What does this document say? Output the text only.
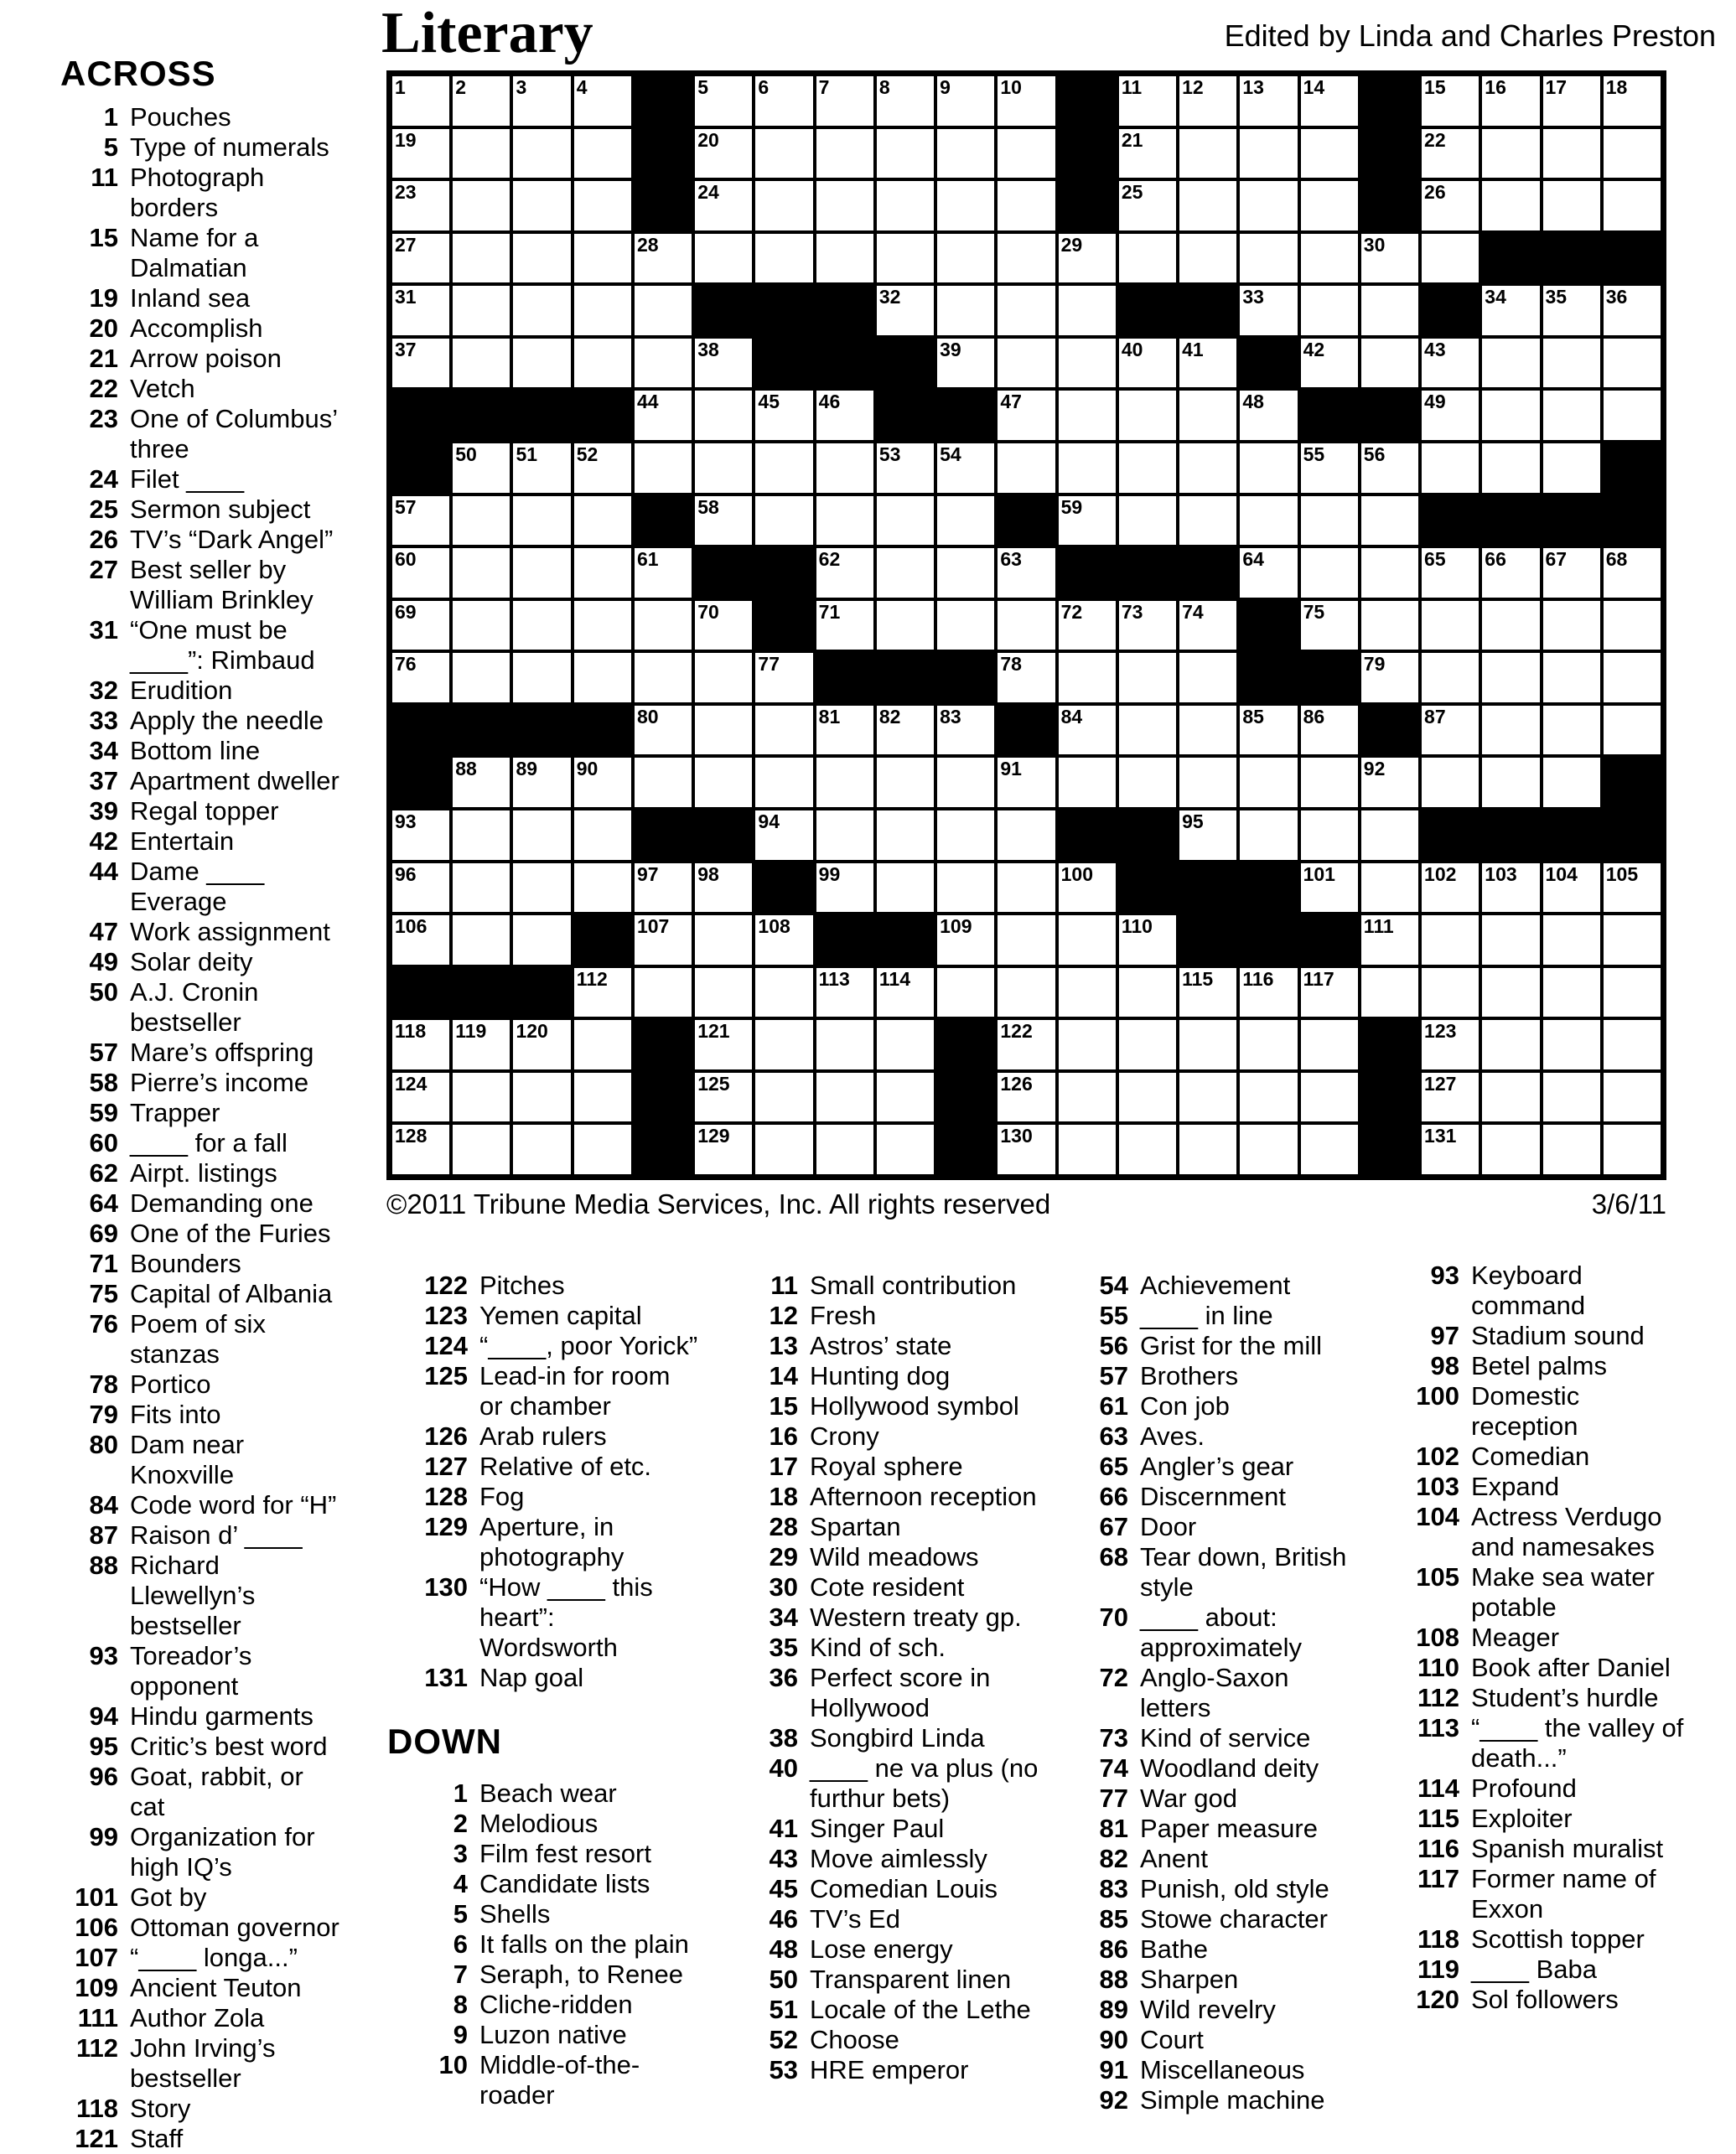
ACROSS
1 Pouches
5 Type of numerals
11 Photograph borders
15 Name for a Dalmatian
19 Inland sea
20 Accomplish
21 Arrow poison
22 Vetch
23 One of Columbus’ three
24 Filet ____
25 Sermon subject
26 TV’s “Dark Angel”
27 Best seller by William Brinkley
31 “One must be ____”: Rimbaud
32 Erudition
33 Apply the needle
34 Bottom line
37 Apartment dweller
39 Regal topper
42 Entertain
44 Dame ____ Everage
47 Work assignment
49 Solar deity
50 A.J. Cronin bestseller
57 Mare’s offspring
58 Pierre’s income
59 Trapper
60 ____ for a fall
62 Airpt. listings
64 Demanding one
69 One of the Furies
71 Bounders
75 Capital of Albania
76 Poem of six stanzas
78 Portico
79 Fits into
80 Dam near Knoxville
84 Code word for “H”
87 Raison d’ ____
88 Richard Llewellyn’s bestseller
93 Toreador’s opponent
94 Hindu garments
95 Critic’s best word
96 Goat, rabbit, or cat
99 Organization for high IQ’s
101 Got by
106 Ottoman governor
107 “____ longa...”
109 Ancient Teuton
111 Author Zola
112 John Irving’s bestseller
118 Story
121 Staff
Literary	Edited by Linda and Charles Preston
1	2	3	4	5	6	7	8	9	10	11 12 13 14	15 16 17 18
19	20	21	22
23	24	25	26
27	28	29	30
31	32	33	34 35 36
37	38	39	40 41	42	43
44	45 46	47	48	49
50 51 52	53 54	55 56
57	58	59
60	61	62	63	64	65 66 67 68
69	70	71	72 73 74	75
76	77	78	79
80	81 82 83	84	85 86	87
88 89 90	91	92
93	94	95
96	97 98	99	100	101	102 103 104 105
106	107	108	109	110	111
112	113 114	115 116 117
118 119 120	121	122	123
124	125	126	127
128	129	130	131
©2011 Tribune Media Services, Inc. All rights reserved	3/6/11
122 Pitches
123 Yemen capital
124 “____, poor Yorick”
125 Lead-in for room or chamber
126 Arab rulers
127 Relative of etc.
128 Fog
129 Aperture, in photography
130 “How ____ this heart”: Wordsworth
131 Nap goal
DOWN
1 Beach wear
2 Melodious
3 Film fest resort
4 Candidate lists
5 Shells
6 It falls on the plain
7 Seraph, to Renee
8 Cliche-ridden
9 Luzon native
10 Middle-of-the-roader
11 Small contribution
12 Fresh
13 Astros’ state
14 Hunting dog
15 Hollywood symbol
16 Crony
17 Royal sphere
18 Afternoon reception
28 Spartan
29 Wild meadows
30 Cote resident
34 Western treaty gp.
35 Kind of sch.
36 Perfect score in Hollywood
38 Songbird Linda
40 ____ ne va plus (no furthur bets)
41 Singer Paul
43 Move aimlessly
45 Comedian Louis
46 TV’s Ed
48 Lose energy
50 Transparent linen
51 Locale of the Lethe
52 Choose
53 HRE emperor
54 Achievement
55 ____ in line
56 Grist for the mill
57 Brothers
61 Con job
63 Aves.
65 Angler’s gear
66 Discernment
67 Door
68 Tear down, British style
70 ____ about: approximately
72 Anglo-Saxon letters
73 Kind of service
74 Woodland deity
77 War god
81 Paper measure
82 Anent
83 Punish, old style
85 Stowe character
86 Bathe
88 Sharpen
89 Wild revelry
90 Court
91 Miscellaneous
92 Simple machine
93 Keyboard command
97 Stadium sound
98 Betel palms
100 Domestic reception
102 Comedian
103 Expand
104 Actress Verdugo and namesakes
105 Make sea water potable
108 Meager
110 Book after Daniel
112 Student’s hurdle
113 “____ the valley of death...”
114 Profound
115 Exploiter
116 Spanish muralist
117 Former name of Exxon
118 Scottish topper
119 ____ Baba
120 Sol followers
